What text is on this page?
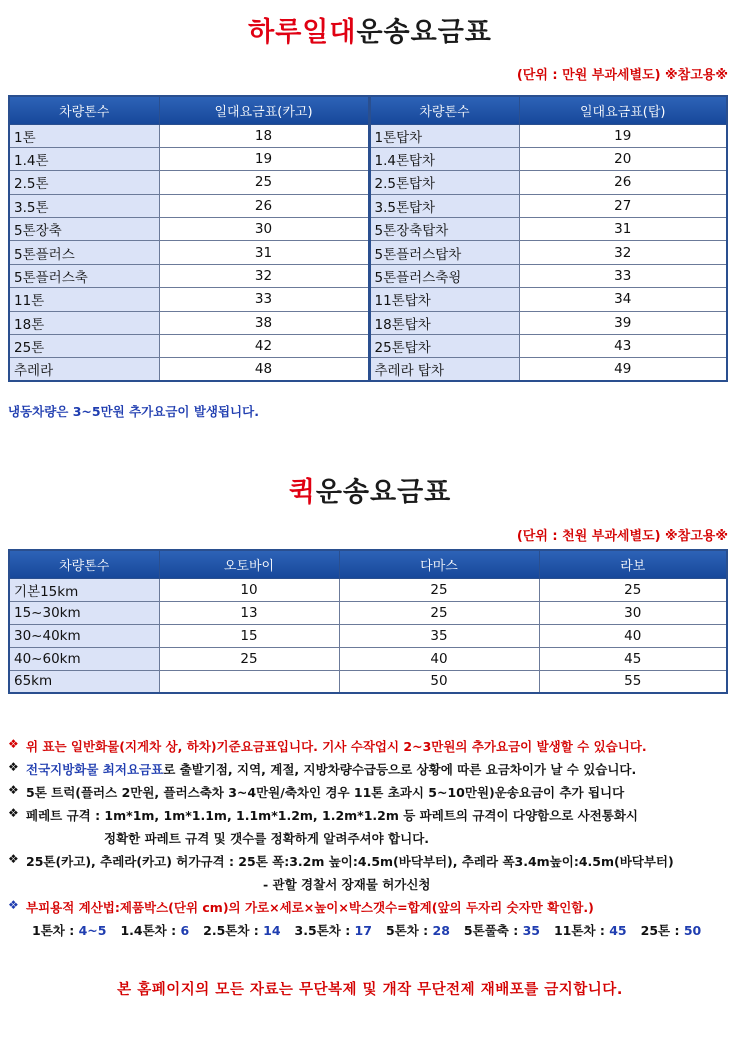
하루일대운송요금표
(단위 : 만원 부과세별도) ※참고용※
차량톤수	일대요금표(카고)	차량톤수	일대요금표(탑)
1톤	18	1톤탑차	19
1.4톤	19	1.4톤탑차	20
2.5톤	25	2.5톤탑차	26
3.5톤	26	3.5톤탑차	27
5톤장축	30	5톤장축탑차	31
5톤플러스	31	5톤플러스탑차	32
5톤플러스축	32	5톤플러스축윙	33
11톤	33	11톤탑차	34
18톤	38	18톤탑차	39
25톤	42	25톤탑차	43
추레라	48	추레라 탑차	49
냉동차량은 3~5만원 추가요금이 발생됩니다.
퀵운송요금표
(단위 : 천원 부과세별도) ※참고용※
차량톤수	오토바이	다마스	라보
기본15km	10	25	25
15~30km	13	25	30
30~40km	15	35	40
40~60km	25	40	45
65km		50	55
❖ 위 표는 일반화물(지게차 상, 하차)기준요금표입니다. 기사 수작업시 2~3만원의 추가요금이 발생할 수 있습니다.
❖ 전국지방화물 최저요금표로 출발기점, 지역, 계절, 지방차량수급등으로 상황에 따른 요금차이가 날 수 있습니다.
❖ 5톤 트럭(플러스 2만원, 플러스축차 3~4만원/축차인 경우 11톤 초과시 5~10만원)운송요금이 추가 됩니다
❖ 페레트 규격 : 1m*1m, 1m*1.1m, 1.1m*1.2m, 1.2m*1.2m 등 파레트의 규격이 다양함으로 사전통화시
정확한 파레트 규격 및 갯수를 정확하게 알려주셔야 합니다.
❖ 25톤(카고), 추레라(카고) 허가규격 : 25톤 폭:3.2m 높이:4.5m(바닥부터), 추레라 폭3.4m높이:4.5m(바닥부터)
- 관할 경찰서 장재물 허가신청
❖ 부피용적 계산법:제품박스(단위 cm)의 가로×세로×높이×박스갯수=합계(앞의 두자리 숫자만 확인함.)
1톤차 : 4~5 1.4톤차 : 6 2.5톤차 : 14 3.5톤차 : 17 5톤차 : 28 5톤풀축 : 35 11톤차 : 45 25톤 : 50
본 홈페이지의 모든 자료는 무단복제 및 개작 무단전제 재배포를 금지합니다.
